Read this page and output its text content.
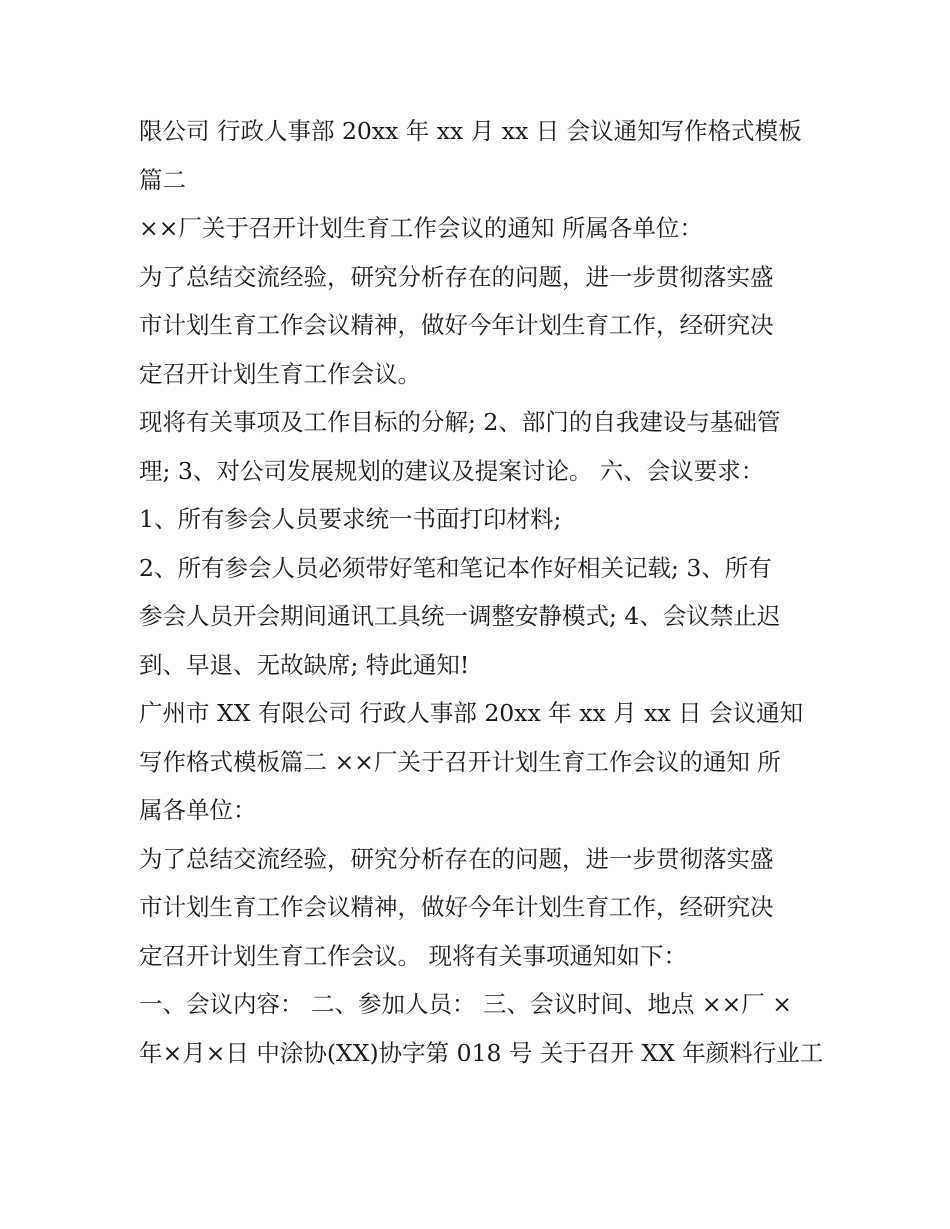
限公司 行政人事部 20xx 年 xx 月 xx 日 会议通知写作格式模板
篇二
××厂关于召开计划生育工作会议的通知 所属各单位：
为了总结交流经验，研究分析存在的问题，进一步贯彻落实盛
市计划生育工作会议精神，做好今年计划生育工作，经研究决
定召开计划生育工作会议。
现将有关事项及工作目标的分解; 2、部门的自我建设与基础管
理; 3、对公司发展规划的建议及提案讨论。 六、会议要求：
1、所有参会人员要求统一书面打印材料;
2、所有参会人员必须带好笔和笔记本作好相关记载; 3、所有
参会人员开会期间通讯工具统一调整安静模式; 4、会议禁止迟
到、早退、无故缺席; 特此通知!
广州市 XX 有限公司 行政人事部 20xx 年 xx 月 xx 日 会议通知
写作格式模板篇二 ××厂关于召开计划生育工作会议的通知 所
属各单位：
为了总结交流经验，研究分析存在的问题，进一步贯彻落实盛
市计划生育工作会议精神，做好今年计划生育工作，经研究决
定召开计划生育工作会议。 现将有关事项通知如下：
一、会议内容： 二、参加人员： 三、会议时间、地点 ××厂 ×
年×月×日 中涂协(XX)协字第 018 号 关于召开 XX 年颜料行业工
